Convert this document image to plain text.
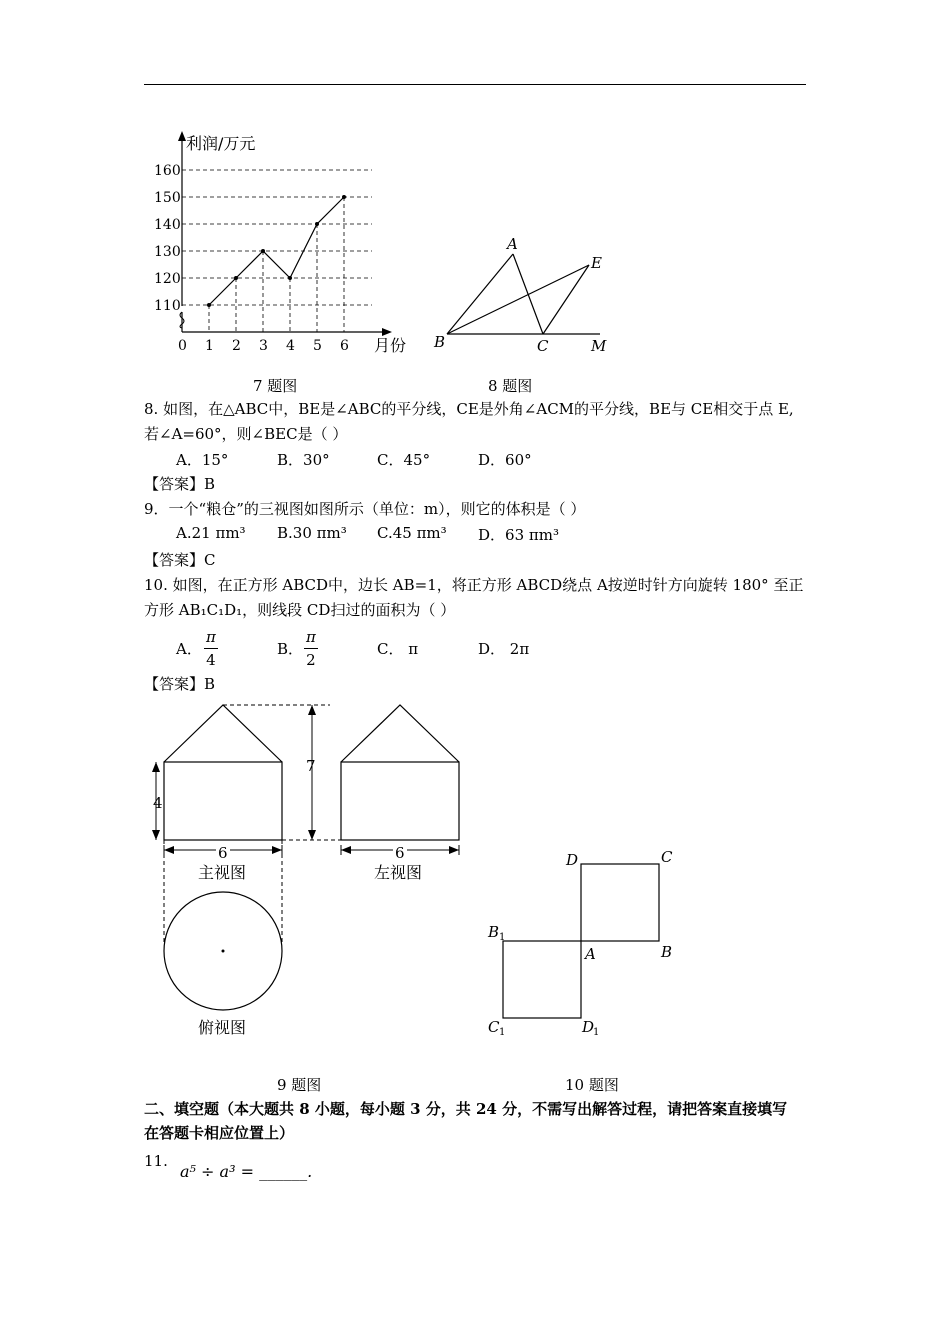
110
120
130
140
150
160
0 1 2 3 4 5 6
利润/万元
月份
A
B	C
E
M
7 题图	8 题图
8. 如图，在△ABC中，BE是∠ABC的平分线，CE是外角∠ACM的平分线，BE与 CE相交于点 E,
若∠A=60°，则∠BEC是（ ）
A．15°	B．30°	C．45°	D．60°
【答案】B
9．一个“粮仓”的三视图如图所示（单位：m），则它的体积是（ ）
A.21 πm³ B.30 πm³ C.45 πm³ D．63 πm³
【答案】C
10. 如图，在正方形 ABCD中，边长 AB=1，将正方形 ABCD绕点 A按逆时针方向旋转 180° 至正
方形 AB₁C₁D₁，则线段 CD扫过的面积为（ ）
A． $\frac{\pi}{4}$	B． $\frac{\pi}{2}$	C． π	D． 2π
【答案】B
7
4
6	6
主视图	左视图
俯视图
D	C
B 1
A	B
C 1	D
1
9 题图	10 题图
二、填空题（本大题共 8 小题，每小题 3 分，共 24 分，不需写出解答过程，请把答案直接填写
在答题卡相应位置上）
11.
a⁵ ÷ a³ = ______.
